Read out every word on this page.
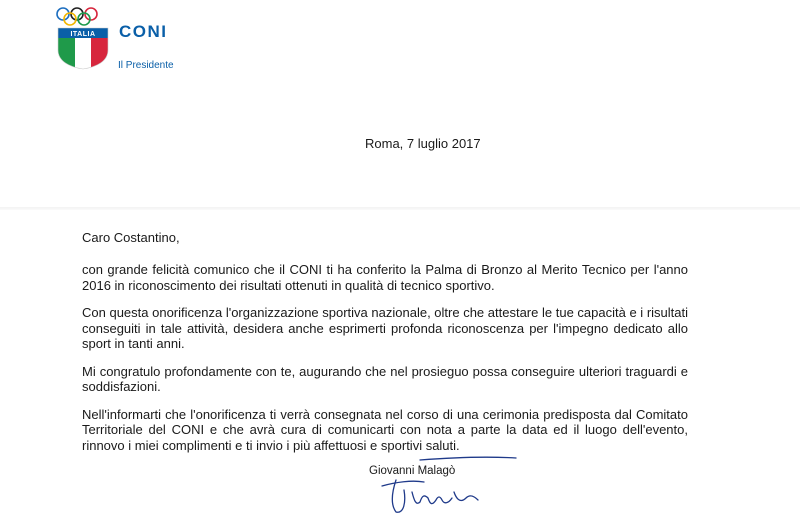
ITALIA CONI
Il Presidente
Roma, 7 luglio 2017
Caro Costantino,

con grande felicità comunico che il CONI ti ha conferito la Palma di Bronzo al Merito Tecnico per l'anno 2016 in riconoscimento dei risultati ottenuti in qualità di tecnico sportivo.

Con questa onorificenza l'organizzazione sportiva nazionale, oltre che attestare le tue capacità e i risultati conseguiti in tale attività, desidera anche esprimerti profonda riconoscenza per l'impegno dedicato allo sport in tanti anni.

Mi congratulo profondamente con te, augurando che nel prosieguo possa conseguire ulteriori traguardi e soddisfazioni.

Nell'informarti che l'onorificenza ti verrà consegnata nel corso di una cerimonia predisposta dal Comitato Territoriale del CONI e che avrà cura di comunicarti con nota a parte la data ed il luogo dell'evento, rinnovo i miei complimenti e ti invio i più affettuosi e sportivi saluti.

Giovanni Malagò
